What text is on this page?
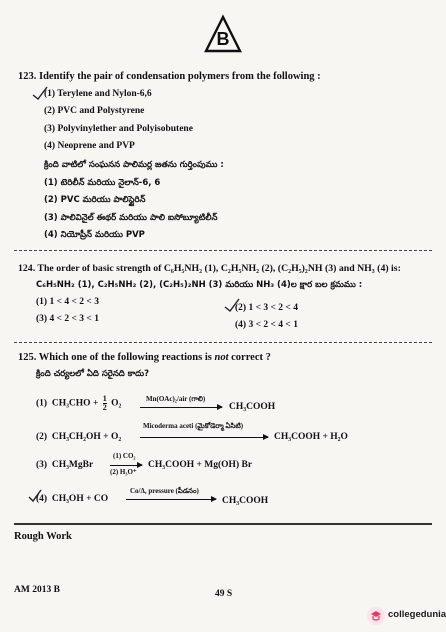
B
123. Identify the pair of condensation polymers from the following :
(1) Terylene and Nylon-6,6
(2) PVC and Polystyrene
(3) Polyvinylether and Polyisobutene
(4) Neoprene and PVP
క్రింది వాటిలో సంఘనన పాలిమర్ల జతను గుర్తింపుము :
(1) టెరిలీన్ మరియు నైలాన్-6, 6
(2) PVC మరియు పాలిస్టైరిన్
(3) పాలివినైల్ ఈథర్ మరియు పాలి ఐసోబ్యూటిలీన్
(4) నియోప్రీన్ మరియు PVP
124. The order of basic strength of C₆H₅NH₂ (1), C₂H₅NH₂ (2), (C₂H₅)₂NH (3) and NH₃ (4) is:
C₆H₅NH₂ (1), C₂H₅NH₂ (2), (C₂H₅)₂NH (3) మరియు NH₃ (4)ల క్షార బల క్రమము :
(1) 1 < 4 < 2 < 3
(2) 1 < 3 < 2 < 4
(3) 4 < 2 < 3 < 1
(4) 3 < 2 < 4 < 1
125. Which one of the following reactions is not correct ?
క్రింది చర్యలలో ఏది సరైనది కాదు?
(1) $CH_3CHO + \frac{1}{2} O_2$	Mn(OAc)₂/air (గాలి)
CH₃COOH
(2) CH₃CH₂OH + O₂
Micoderma aceti (మైకోడెర్మా ఏసిటి)
CH₃COOH + H₂O
(3) CH₃MgBr
(1) CO₂
(2) H₃O⁺
CH₃COOH + Mg(OH) Br
(4) CH₃OH + CO
Co/Δ, pressure (పీడనం)
CH₃COOH
Rough Work
AM 2013 B	49 S
collegedunia
